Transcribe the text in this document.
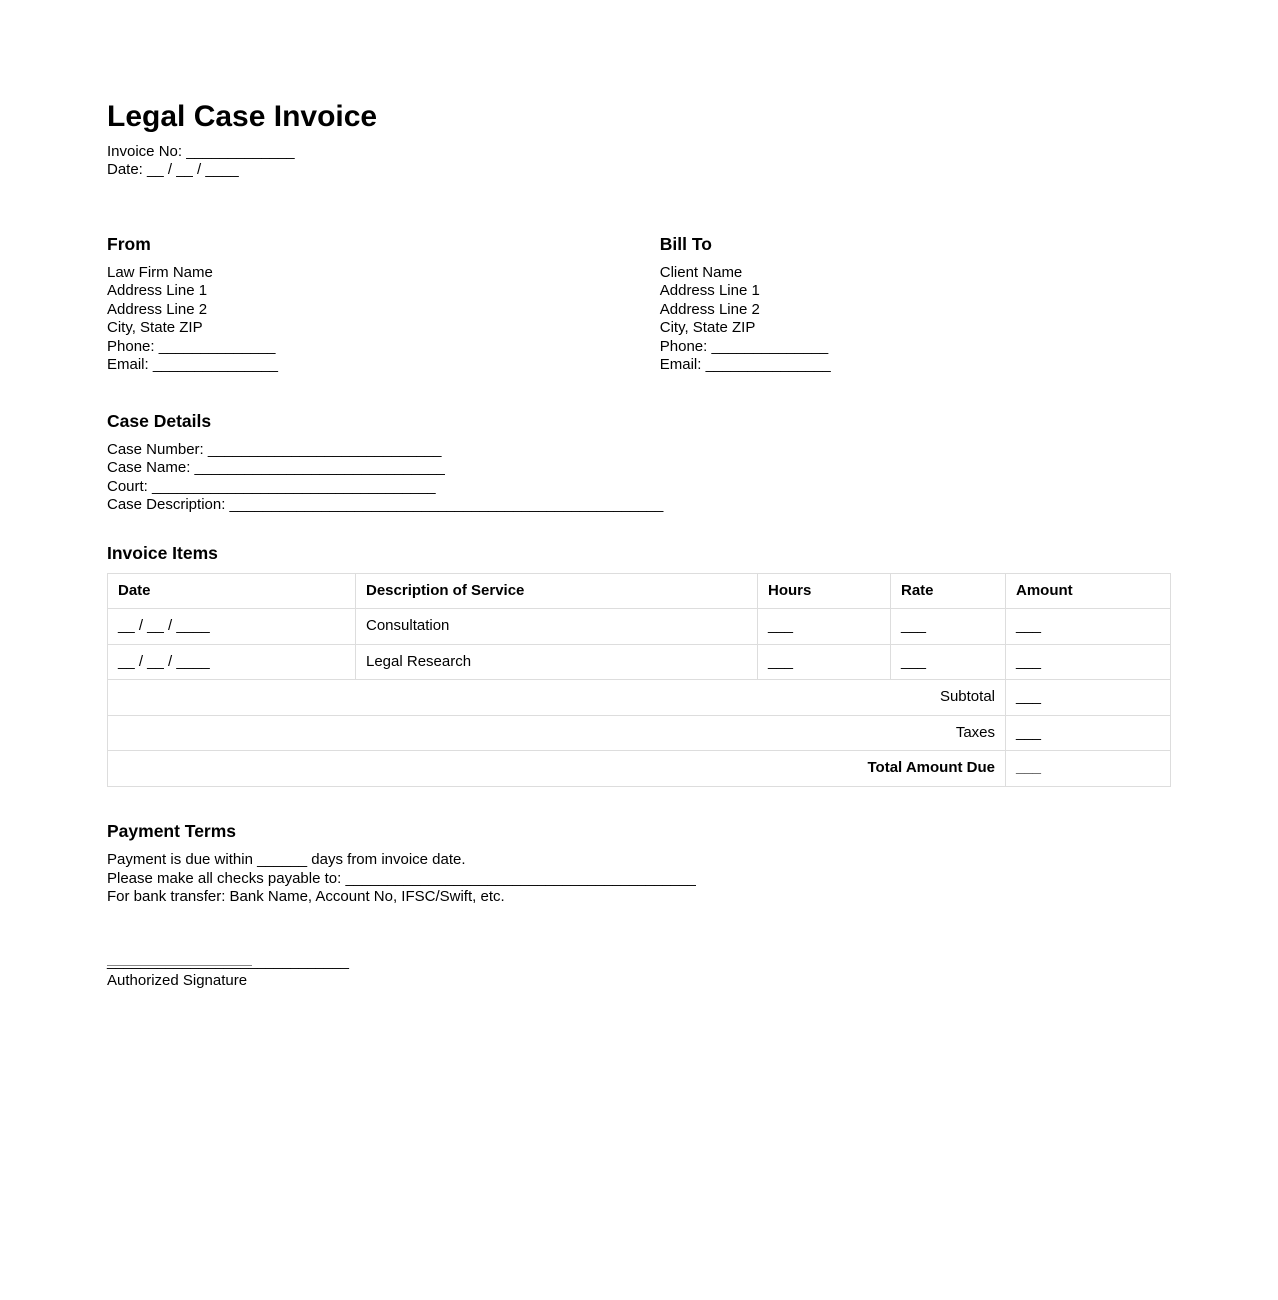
Legal Case Invoice

Invoice No: _____________
Date: __ / __ / ____

From

Law Firm Name
Address Line 1
Address Line 2
City, State ZIP
Phone: ______________
Email: _______________

Bill To

Client Name
Address Line 1
Address Line 2
City, State ZIP
Phone: ______________
Email: _______________

Case Details

Case Number: ____________________________
Case Name: ______________________________
Court: __________________________________
Case Description: ____________________________________________________

Invoice Items
Date	Description of Service	Hours	Rate	Amount
__ / __ / ____	Consultation	___	___	___
__ / __ / ____	Legal Research	___	___	___
Subtotal				___
Taxes				___
Total Amount Due				___
Payment Terms

Payment is due within ______ days from invoice date.
Please make all checks payable to: __________________________________________
For bank transfer: Bank Name, Account No, IFSC/Swift, etc.

_____________________________
Authorized Signature
